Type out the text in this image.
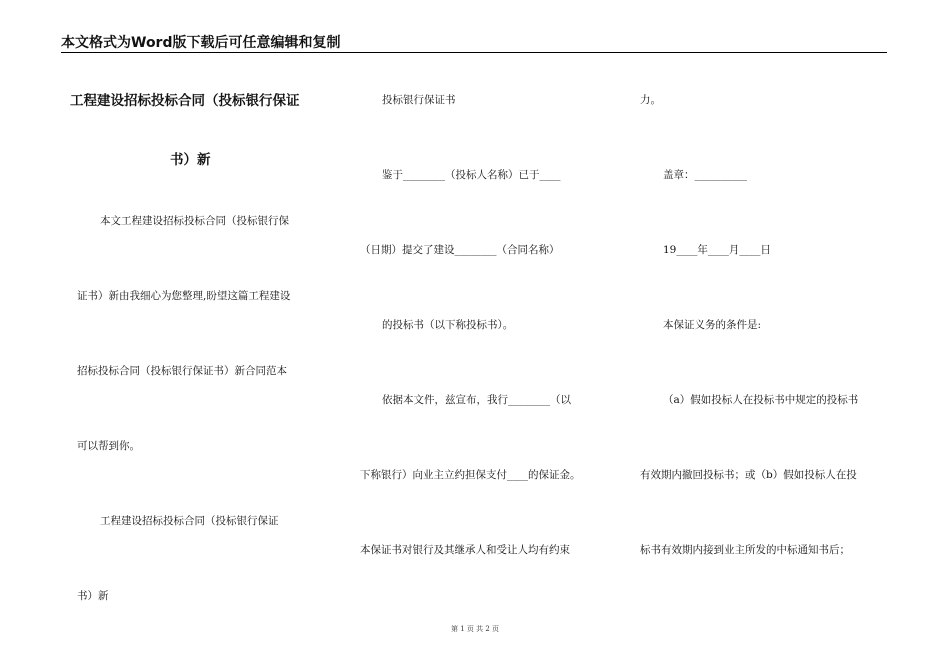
本文格式为Word版下载后可任意编辑和复制
工程建设招标投标合同（投标银行保证
书）新
本文工程建设招标投标合同（投标银行保
证书）新由我细心为您整理,盼望这篇工程建设
招标投标合同（投标银行保证书）新合同范本
可以帮到你。
工程建设招标投标合同（投标银行保证
书）新
投标银行保证书
鉴于________（投标人名称）已于____
（日期）提交了建设________（合同名称）
的投标书（以下称投标书）。
依据本文件，兹宣布，我行________（以
下称银行）向业主立约担保支付____的保证金。
本保证书对银行及其继承人和受让人均有约束
力。
盖章：__________
19____年____月____日
本保证义务的条件是:
（a）假如投标人在投标书中规定的投标书
有效期内撤回投标书；或（b）假如投标人在投
标书有效期内接到业主所发的中标通知书后；
第 1 页 共 2 页
